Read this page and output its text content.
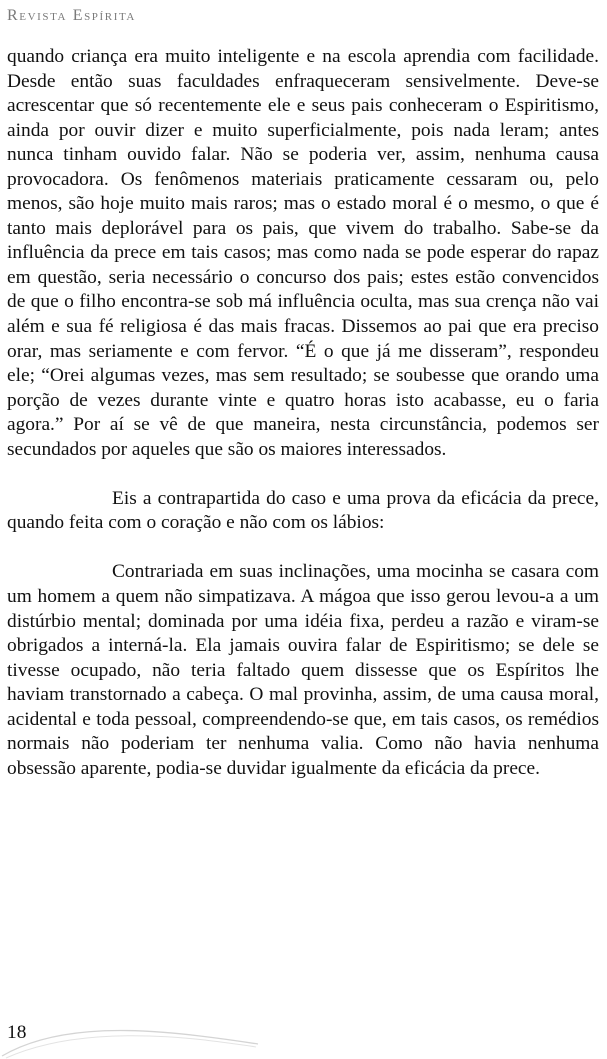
Revista Espírita

quando criança era muito inteligente e na escola aprendia com facilidade. Desde então suas faculdades enfraqueceram sensivelmente. Deve-se acrescentar que só recentemente ele e seus pais conheceram o Espiritismo, ainda por ouvir dizer e muito superficialmente, pois nada leram; antes nunca tinham ouvido falar. Não se poderia ver, assim, nenhuma causa provocadora. Os fenômenos materiais praticamente cessaram ou, pelo menos, são hoje muito mais raros; mas o estado moral é o mesmo, o que é tanto mais deplorável para os pais, que vivem do trabalho. Sabe-se da influência da prece em tais casos; mas como nada se pode esperar do rapaz em questão, seria necessário o concurso dos pais; estes estão convencidos de que o filho encontra-se sob má influência oculta, mas sua crença não vai além e sua fé religiosa é das mais fracas. Dissemos ao pai que era preciso orar, mas seriamente e com fervor. “É o que já me disseram”, respondeu ele; “Orei algumas vezes, mas sem resultado; se soubesse que orando uma porção de vezes durante vinte e quatro horas isto acabasse, eu o faria agora.” Por aí se vê de que maneira, nesta circunstância, podemos ser secundados por aqueles que são os maiores interessados.

Eis a contrapartida do caso e uma prova da eficácia da prece, quando feita com o coração e não com os lábios:

Contrariada em suas inclinações, uma mocinha se casara com um homem a quem não simpatizava. A mágoa que isso gerou levou-a a um distúrbio mental; dominada por uma idéia fixa, perdeu a razão e viram-se obrigados a interná-la. Ela jamais ouvira falar de Espiritismo; se dele se tivesse ocupado, não teria faltado quem dissesse que os Espíritos lhe haviam transtornado a cabeça. O mal provinha, assim, de uma causa moral, acidental e toda pessoal, compreendendo-se que, em tais casos, os remédios normais não poderiam ter nenhuma valia. Como não havia nenhuma obsessão aparente, podia-se duvidar igualmente da eficácia da prece.

18
